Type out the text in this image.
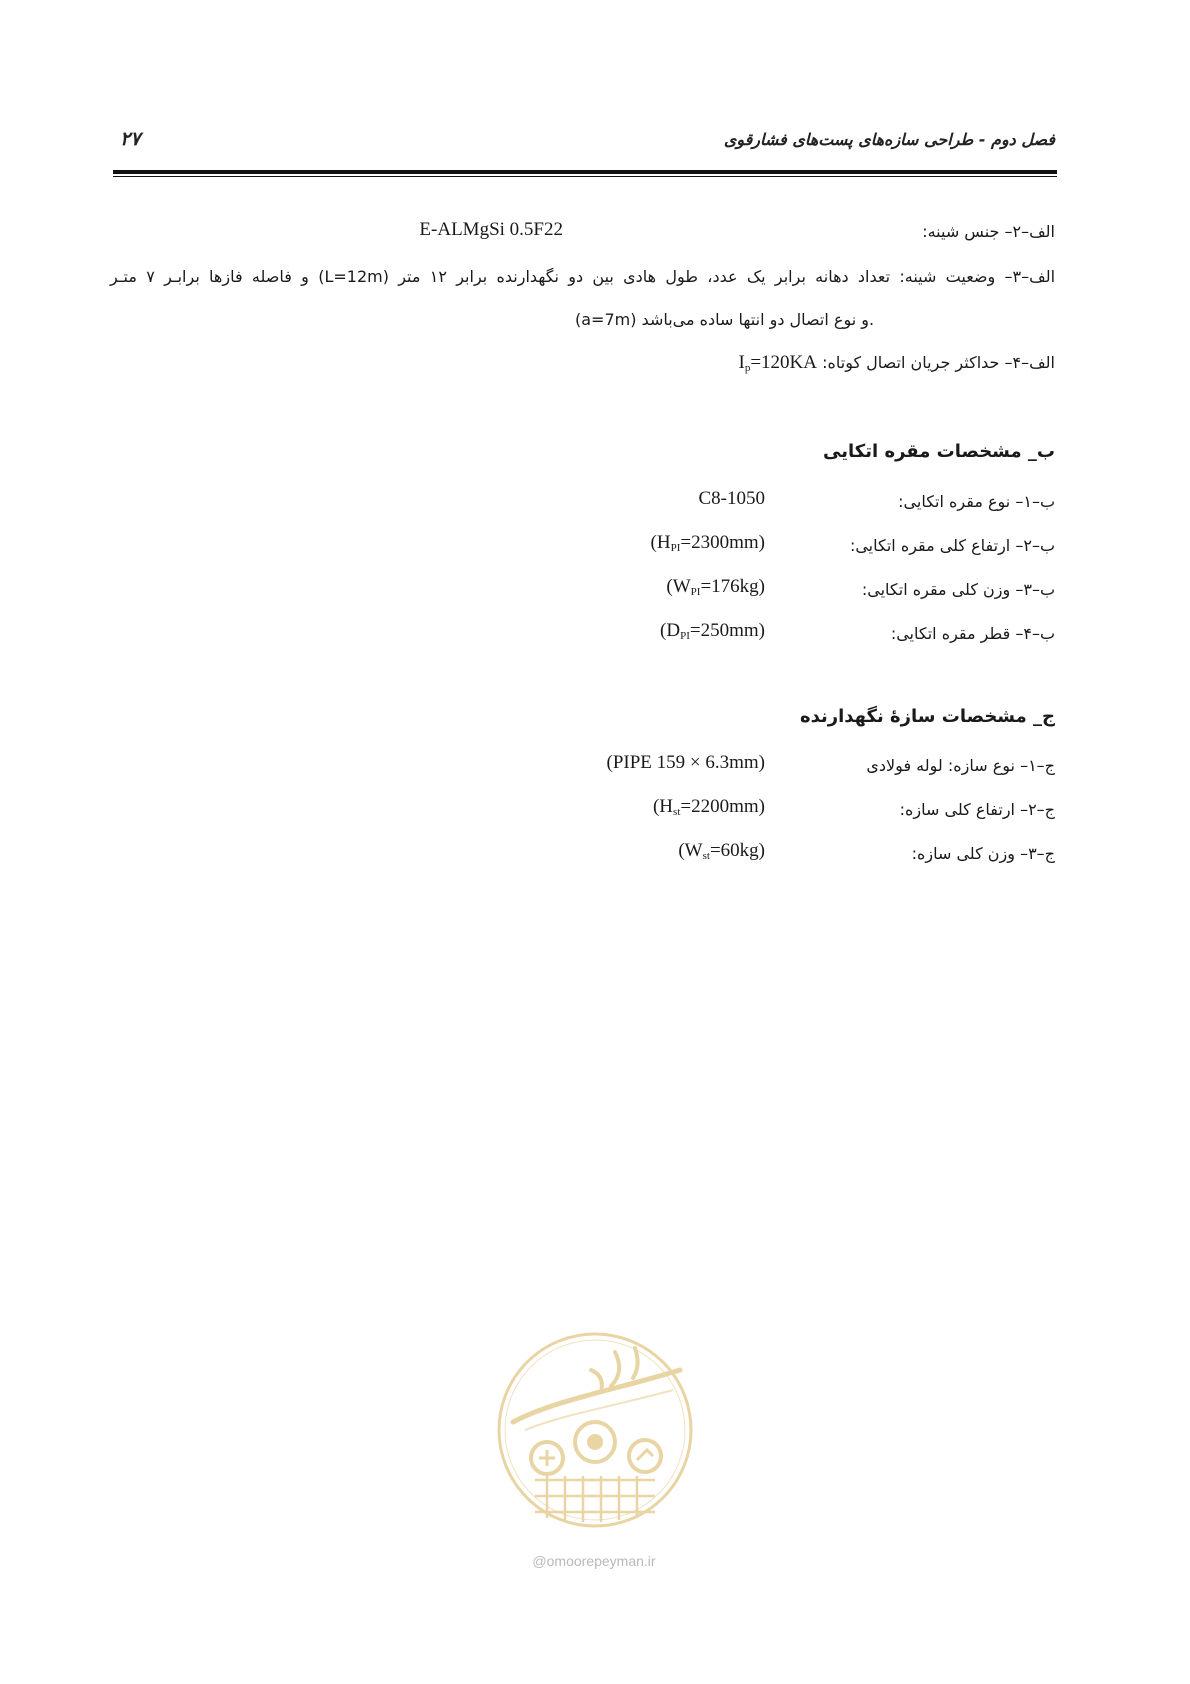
فصل دوم - طراحی سازه‌های پست‌های فشارقوی
۲۷
الف–۲– جنس شینه:
E-ALMgSi 0.5F22
الف–۳– وضعیت شینه: تعداد دهانه برابر یک عدد، طول هادی بین دو نگهدارنده برابر ۱۲ متر (L=12m) و فاصله فازها برابـر ۷ متـر
(a=7m) و نوع اتصال دو انتها ساده می‌باشد.
الف–۴– حداکثر جریان اتصال کوتاه: $I_p=120KA$
ب_ مشخصات مقره اتکایی
ب–۱– نوع مقره اتکایی:
C8-1050
ب–۲– ارتفاع کلی مقره اتکایی:
$(H_{PI}=2300mm)$
ب–۳– وزن کلی مقره اتکایی:
$(W_{PI}=176kg)$
ب–۴– قطر مقره اتکایی:
$(D_{PI}=250mm)$
ج_ مشخصات سازهٔ نگهدارنده
ج–۱– نوع سازه: لوله فولادی
(PIPE 159 × 6.3mm)
ج–۲– ارتفاع کلی سازه:
$(H_{st}=2200mm)$
ج–۳– وزن کلی سازه:
$(W_{st}=60kg)$
@omoorepeyman.ir
